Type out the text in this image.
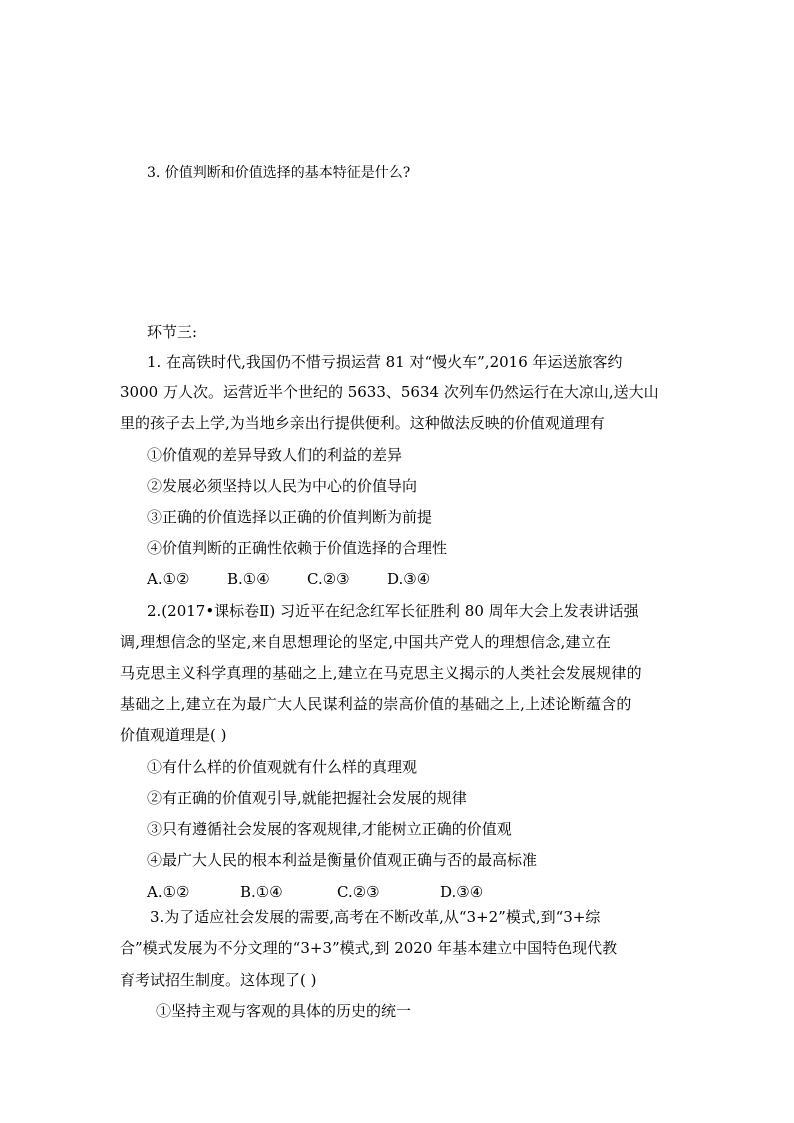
3. 价值判断和价值选择的基本特征是什么?
环节三:
1. 在高铁时代,我国仍不惜亏损运营 81 对“慢火车”,2016 年运送旅客约
3000 万人次。运营近半个世纪的 5633、5634 次列车仍然运行在大凉山,送大山
里的孩子去上学,为当地乡亲出行提供便利。这种做法反映的价值观道理有
①价值观的差异导致人们的利益的差异
②发展必须坚持以人民为中心的价值导向
③正确的价值选择以正确的价值判断为前提
④价值判断的正确性依赖于价值选择的合理性
A.①②	B.①④ C.②③ D.③④
2.(2017•课标卷Ⅱ) 习近平在纪念红军长征胜利 80 周年大会上发表讲话强
调,理想信念的坚定,来自思想理论的坚定,中国共产党人的理想信念,建立在
马克思主义科学真理的基础之上,建立在马克思主义揭示的人类社会发展规律的
基础之上,建立在为最广大人民谋利益的崇高价值的基础之上,上述论断蕴含的
价值观道理是( )
①有什么样的价值观就有什么样的真理观
②有正确的价值观引导,就能把握社会发展的规律
③只有遵循社会发展的客观规律,才能树立正确的价值观
④最广大人民的根本利益是衡量价值观正确与否的最高标准
A.①②	B.①④	C.②③	D.③④
3.为了适应社会发展的需要,高考在不断改革,从“3+2”模式,到“3+综
合”模式发展为不分文理的“3+3”模式,到 2020 年基本建立中国特色现代教
育考试招生制度。这体现了( )
①坚持主观与客观的具体的历史的统一
